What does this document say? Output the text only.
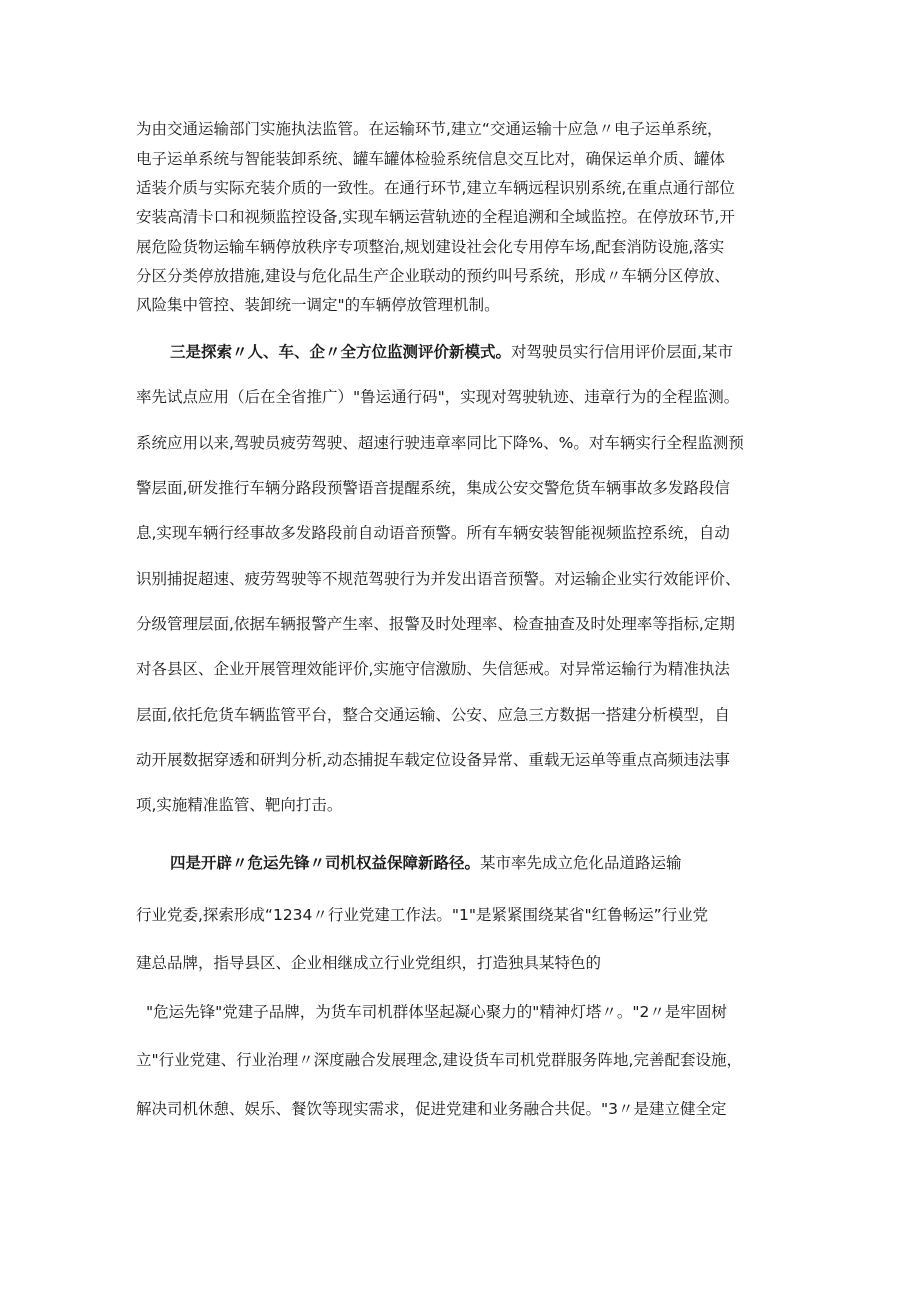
为由交通运输部门实施执法监管。在运输环节,建立“交通运输十应急〃电子运单系统，
电子运单系统与智能装卸系统、罐车罐体检验系统信息交互比对，确保运单介质、罐体
适装介质与实际充装介质的一致性。在通行环节,建立车辆远程识别系统,在重点通行部位
安装高清卡口和视频监控设备,实现车辆运营轨迹的全程追溯和全域监控。在停放环节,开
展危险货物运输车辆停放秩序专项整治,规划建设社会化专用停车场,配套消防设施,落实
分区分类停放措施,建设与危化品生产企业联动的预约叫号系统，形成〃车辆分区停放、
风险集中管控、装卸统一调定"的车辆停放管理机制。
三是探索〃人、车、企〃全方位监测评价新模式。对驾驶员实行信用评价层面,某市
率先试点应用（后在全省推广）"鲁运通行码"，实现对驾驶轨迹、违章行为的全程监测。
系统应用以来,驾驶员疲劳驾驶、超速行驶违章率同比下降%、%。对车辆实行全程监测预
警层面,研发推行车辆分路段预警语音提醒系统，集成公安交警危货车辆事故多发路段信
息,实现车辆行经事故多发路段前自动语音预警。所有车辆安装智能视频监控系统，自动
识别捕捉超速、疲劳驾驶等不规范驾驶行为并发出语音预警。对运输企业实行效能评价、
分级管理层面,依据车辆报警产生率、报警及时处理率、检查抽查及时处理率等指标,定期
对各县区、企业开展管理效能评价,实施守信激励、失信惩戒。对异常运输行为精准执法
层面,依托危货车辆监管平台，整合交通运输、公安、应急三方数据一搭建分析模型，自
动开展数据穿透和研判分析,动态捕捉车载定位设备异常、重载无运单等重点高频违法事
项,实施精准监管、靶向打击。
四是开辟〃危运先锋〃司机权益保障新路径。某市率先成立危化品道路运输
行业党委,探索形成“1234〃行业党建工作法。"1"是紧紧围绕某省"红鲁畅运”行业党
建总品牌，指导县区、企业相继成立行业党组织，打造独具某特色的
"危运先锋"党建子品牌，为货车司机群体坚起凝心聚力的"精神灯塔〃。"2〃是牢固树
立"行业党建、行业治理〃深度融合发展理念,建设货车司机党群服务阵地,完善配套设施，
解决司机休憩、娱乐、餐饮等现实需求，促进党建和业务融合共促。"3〃是建立健全定
